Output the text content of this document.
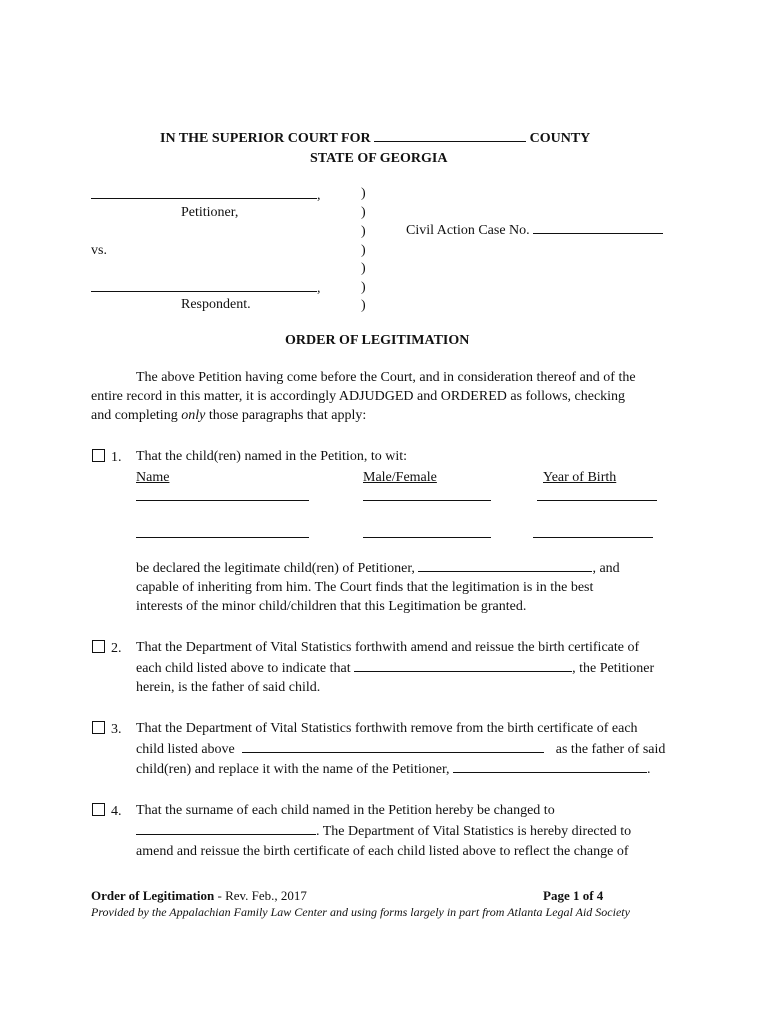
IN THE SUPERIOR COURT FOR	COUNTY
STATE OF GEORGIA
,
Petitioner,
vs.
,
Respondent.
)
)
)
)
)
)
)
Civil Action Case No.
ORDER OF LEGITIMATION
The above Petition having come before the Court, and in consideration thereof and of the
entire record in this matter, it is accordingly ADJUDGED and ORDERED as follows, checking
and completing only those paragraphs that apply:
1. That the child(ren) named in the Petition, to wit:
Name	Male/Female	Year of Birth
be declared the legitimate child(ren) of Petitioner,	, and
capable of inheriting from him. The Court finds that the legitimation is in the best
interests of the minor child/children that this Legitimation be granted.
2. That the Department of Vital Statistics forthwith amend and reissue the birth certificate of
each child listed above to indicate that	, the Petitioner
herein, is the father of said child.
3. That the Department of Vital Statistics forthwith remove from the birth certificate of each
child listed above	as the father of said
child(ren) and replace it with the name of the Petitioner,	.
4. That the surname of each child named in the Petition hereby be changed to
. The Department of Vital Statistics is hereby directed to
amend and reissue the birth certificate of each child listed above to reflect the change of
Order of Legitimation - Rev. Feb., 2017	Page 1 of 4
Provided by the Appalachian Family Law Center and using forms largely in part from Atlanta Legal Aid Society
